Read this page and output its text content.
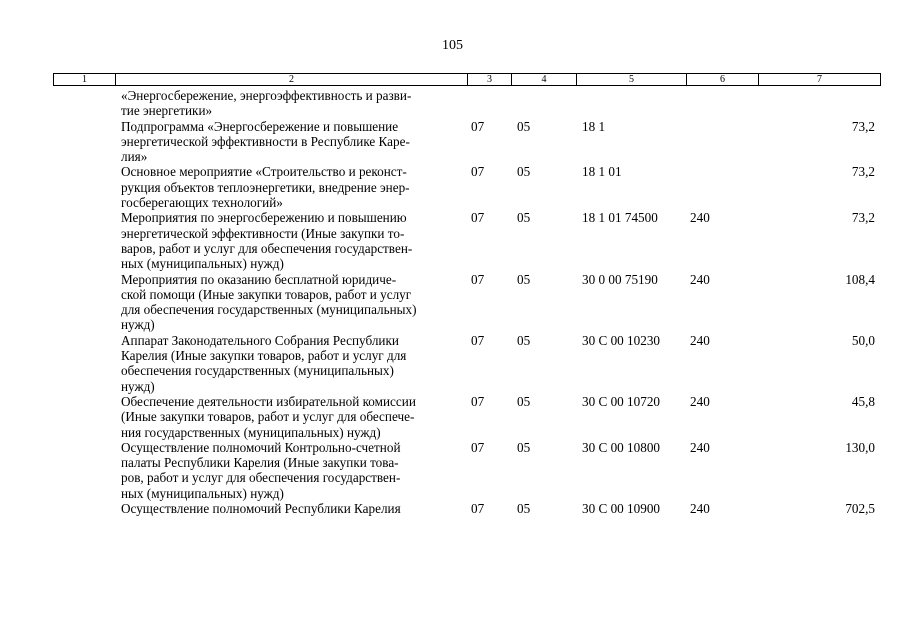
105
1	2	3	4	5	6	7
«Энергосбережение, энергоэффективность и разви-
тие энергетики»
Подпрограмма «Энергосбережение и повышение
энергетической эффективности в Республике Каре-
лия»
07 05	18 1	73,2
Основное мероприятие «Строительство и реконст-
рукция объектов теплоэнергетики, внедрение энер-
госберегающих технологий»
07 05	18 1 01	73,2
Мероприятия по энергосбережению и повышению
энергетической эффективности (Иные закупки то-
варов, работ и услуг для обеспечения государствен-
ных (муниципальных) нужд)
07 05	18 1 01 74500 240	73,2
Мероприятия по оказанию бесплатной юридиче-
ской помощи (Иные закупки товаров, работ и услуг
для обеспечения государственных (муниципальных)
нужд)
07 05	30 0 00 75190 240	108,4
Аппарат Законодательного Собрания Республики
Карелия (Иные закупки товаров, работ и услуг для
обеспечения государственных (муниципальных)
нужд)
07 05	30 С 00 10230 240	50,0
Обеспечение деятельности избирательной комиссии
(Иные закупки товаров, работ и услуг для обеспече-
ния государственных (муниципальных) нужд)
07 05	30 С 00 10720 240	45,8
Осуществление полномочий Контрольно-счетной
палаты Республики Карелия (Иные закупки това-
ров, работ и услуг для обеспечения государствен-
ных (муниципальных) нужд)
07 05	30 С 00 10800 240	130,0
Осуществление полномочий Республики Карелия	07 05	30 С 00 10900 240	702,5
